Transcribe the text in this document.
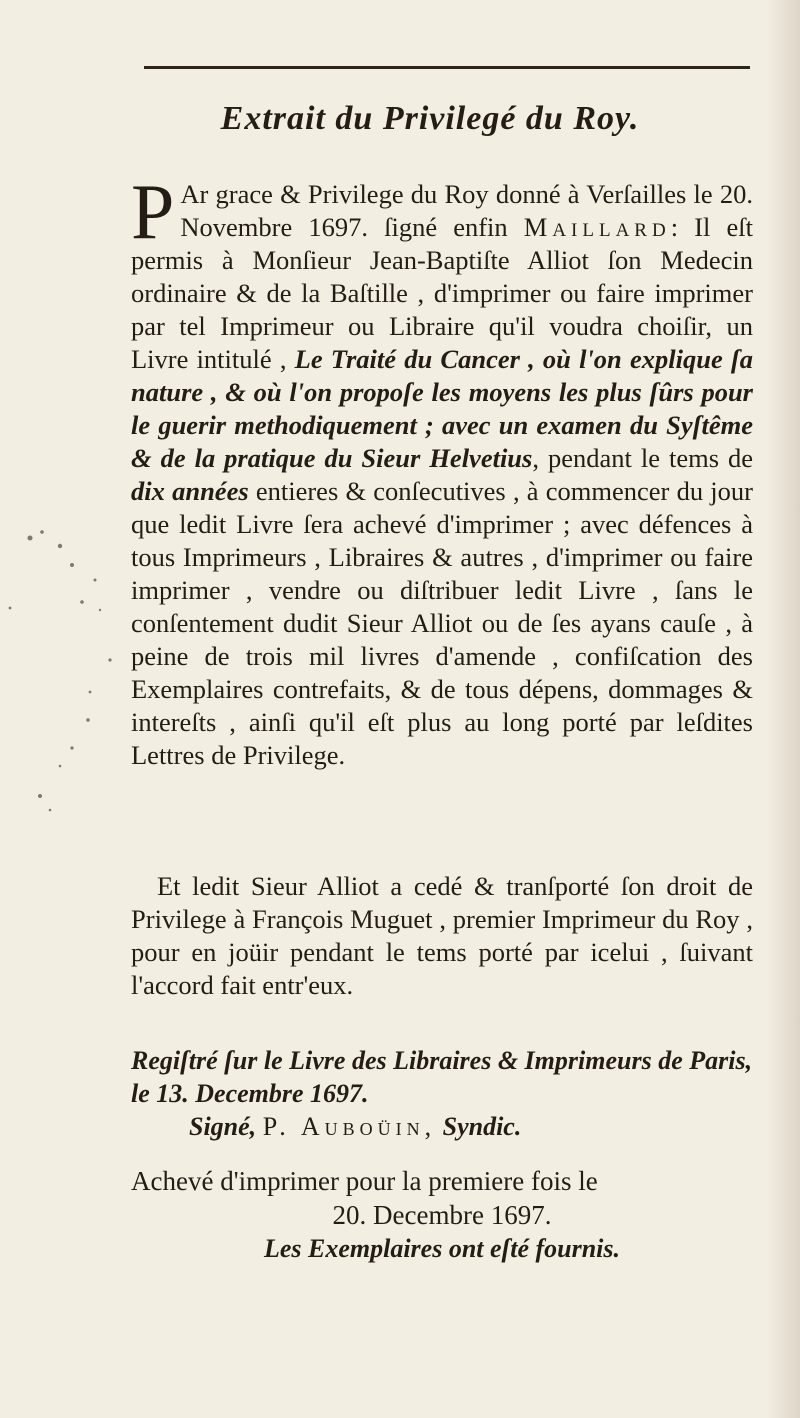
Extrait du Privilegé du Roy.

P Ar grace & Privilege du Roy donné à Verſailles le 20. Novembre 1697. ſigné enfin Maillard: Il eſt permis à Monſieur Jean-Baptiſte Alliot ſon Medecin ordinaire & de la Baſtille , d'imprimer ou faire imprimer par tel Imprimeur ou Libraire qu'il voudra choiſir, un Livre intitulé , Le Traité du Cancer , où l'on explique ſa nature , & où l'on propoſe les moyens les plus ſûrs pour le guerir methodiquement ; avec un examen du Syſtême & de la pratique du Sieur Helvetius, pendant le tems de dix années entieres & conſecutives , à commencer du jour que ledit Livre ſera achevé d'imprimer ; avec défences à tous Imprimeurs , Libraires & autres , d'imprimer ou faire imprimer , vendre ou diſtribuer ledit Livre , ſans le conſentement dudit Sieur Alliot ou de ſes ayans cauſe , à peine de trois mil livres d'amende , confiſcation des Exemplaires contrefaits, & de tous dépens, dommages & intereſts , ainſi qu'il eſt plus au long porté par leſdites Lettres de Privilege.

Et ledit Sieur Alliot a cedé & tranſporté ſon droit de Privilege à François Muguet , premier Imprimeur du Roy , pour en joüir pendant le tems porté par icelui , ſuivant l'accord fait entr'eux.

Regiſtré ſur le Livre des Libraires & Imprimeurs de Paris, le 13. Decembre 1697.
Signé, P. Auboüin, Syndic.

Achevé d'imprimer pour la premiere fois le
20. Decembre 1697.

Les Exemplaires ont eſté fournis.
